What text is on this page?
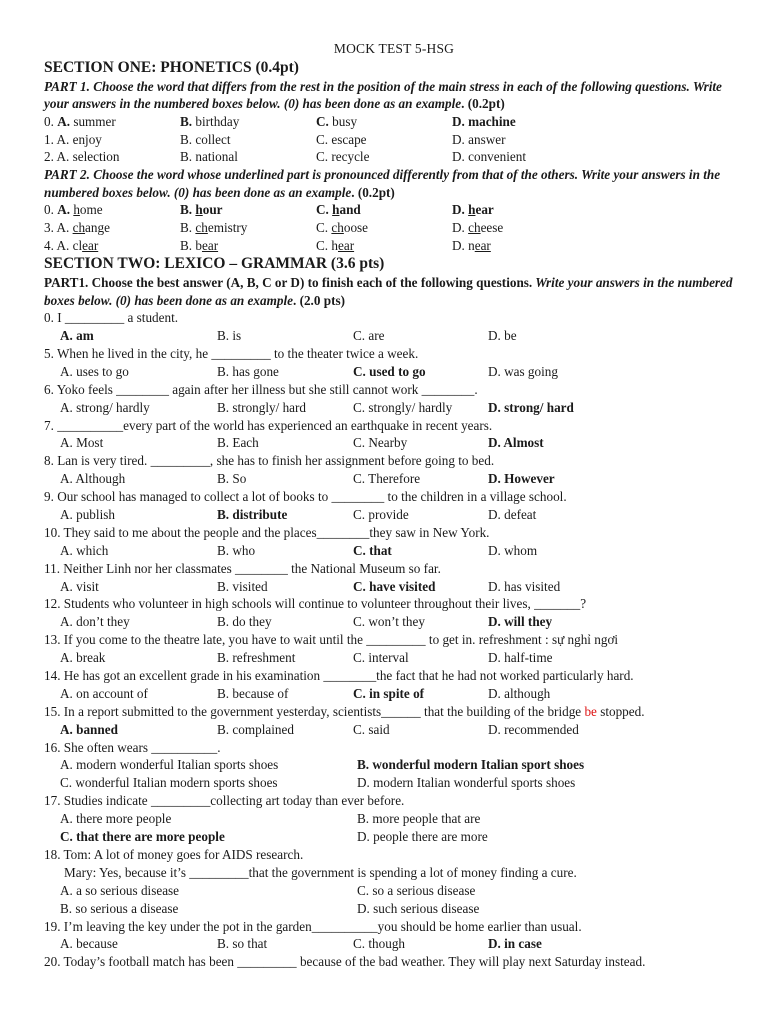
MOCK TEST 5-HSG
SECTION ONE: PHONETICS (0.4pt)
PART 1. Choose the word that differs from the rest in the position of the main stress in each of the following questions. Write your answers in the numbered boxes below. (0) has been done as an example. (0.2pt)
0. A. summer	B. birthday	C. busy	D. machine
1. A. enjoy	B. collect	C. escape	D. answer
2. A. selection	B. national	C. recycle	D. convenient
PART 2. Choose the word whose underlined part is pronounced differently from that of the others. Write your answers in the numbered boxes below. (0) has been done as an example. (0.2pt)
0. A. home	B. hour	C. hand	D. hear
3. A. change	B. chemistry	C. choose	D. cheese
4. A. clear	B. bear	C. hear	D. near
SECTION TWO: LEXICO – GRAMMAR (3.6 pts)
PART1. Choose the best answer (A, B, C or D) to finish each of the following questions. Write your answers in the numbered boxes below. (0) has been done as an example. (2.0 pts)
0. I _________ a student.
A. am	B. is	C. are	D. be
5. When he lived in the city, he _________ to the theater twice a week.
A. uses to go	B. has gone	C. used to go	D. was going
6. Yoko feels ________ again after her illness but she still cannot work ________.
A. strong/ hardly	B. strongly/ hard	C. strongly/ hardly	D. strong/ hard
7. __________every part of the world has experienced an earthquake in recent years.
A. Most	B. Each	C. Nearby	D. Almost
8. Lan is very tired. _________, she has to finish her assignment before going to bed.
A. Although	B. So	C. Therefore	D. However
9. Our school has managed to collect a lot of books to ________ to the children in a village school.
A. publish	B. distribute	C. provide	D. defeat
10. They said to me about the people and the places________they saw in New York.
A. which	B. who	C. that	D. whom
11. Neither Linh nor her classmates ________ the National Museum so far.
A. visit	B. visited	C. have visited	D. has visited
12. Students who volunteer in high schools will continue to volunteer throughout their lives, _______?
A. don’t they	B. do they	C. won’t they	D. will they
13. If you come to the theatre late, you have to wait until the _________ to get in. refreshment : sự nghỉ ngơi
A. break	B. refreshment	C. interval	D. half-time
14. He has got an excellent grade in his examination ________the fact that he had not worked particularly hard.
A. on account of	B. because of	C. in spite of	D. although
15. In a report submitted to the government yesterday, scientists______ that the building of the bridge be stopped.
A. banned	B. complained	C. said	D. recommended
16. She often wears __________.
A. modern wonderful Italian sports shoes	B. wonderful modern Italian sport shoes
C. wonderful Italian modern sports shoes	D. modern Italian wonderful sports shoes
17. Studies indicate _________collecting art today than ever before.
A. there more people	B. more people that are
C. that there are more people	D. people there are more
18. Tom: A lot of money goes for AIDS research.
Mary: Yes, because it’s _________that the government is spending a lot of money finding a cure.
A. a so serious disease	C. so a serious disease
B. so serious a disease	D. such serious disease
19. I’m leaving the key under the pot in the garden__________you should be home earlier than usual.
A. because	B. so that	C. though	D. in case
20. Today’s football match has been _________ because of the bad weather. They will play next Saturday instead.
